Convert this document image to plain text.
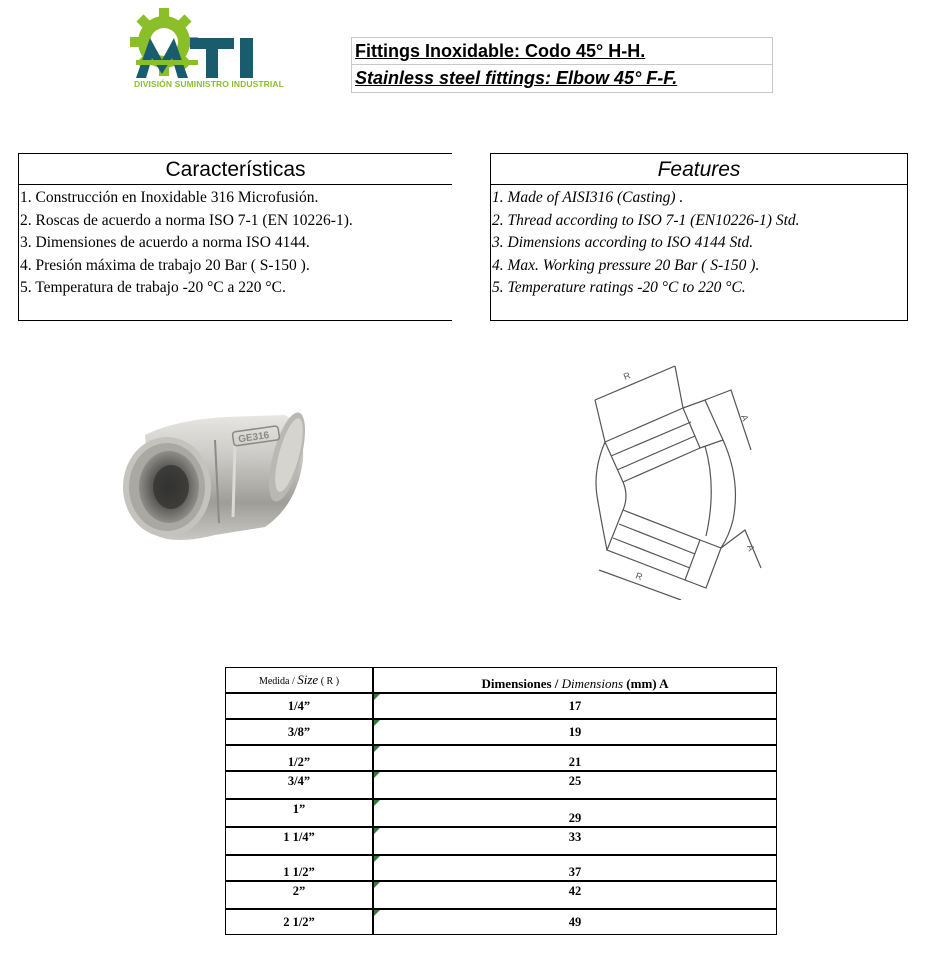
DIVISIÓN SUMINISTRO INDUSTRIAL
Fittings Inoxidable: Codo 45° H-H.
Stainless steel fittings: Elbow 45° F-F.
Características
1. Construcción en Inoxidable 316 Microfusión.
2. Roscas de acuerdo a norma ISO 7-1 (EN 10226-1).
3. Dimensiones de acuerdo a norma ISO 4144.
4. Presión máxima de trabajo 20 Bar ( S-150 ).
5. Temperatura de trabajo -20 °C a 220 °C.
Features
1. Made of AISI316 (Casting) .
2. Thread according to ISO 7-1 (EN10226-1) Std.
3. Dimensions according to ISO 4144 Std.
4. Max. Working pressure 20 Bar ( S-150 ).
5. Temperature ratings -20 °C to 220 °C.
GE316
R
R
A
A
Medida / Size ( R )	Dimensiones / Dimensions (mm) A
1/4”	17
3/8”	19
1/2”	21
3/4”	25
1”	29
1 1/4”	33
1 1/2”	37
2”	42
2 1/2”	49
